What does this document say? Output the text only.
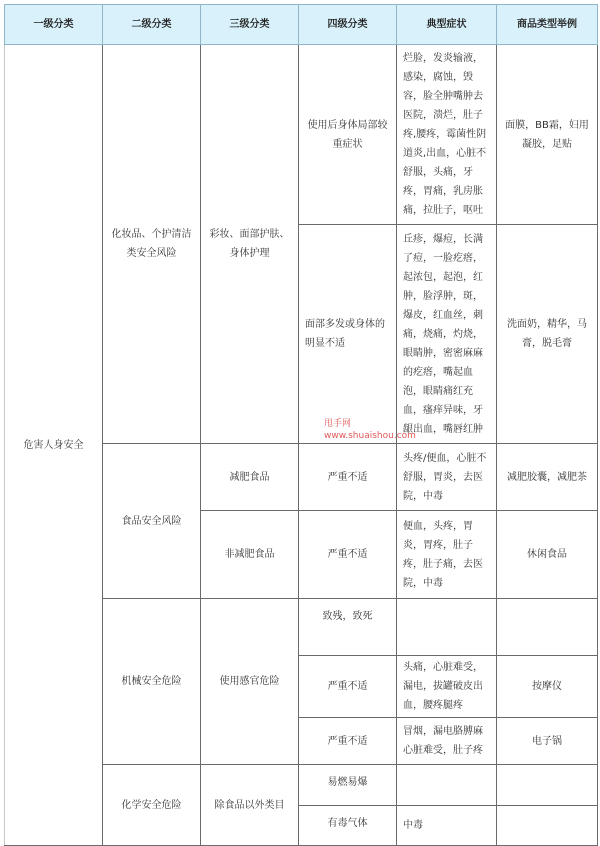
一级分类	二级分类	三级分类	四级分类	典型症状	商品类型举例
危害人身安全	化妆品、个护清洁类安全风险	彩妆、面部护肤、身体护理	使用后身体局部较重症状	烂脸，发炎输液，感染，腐蚀，毁容，脸全肿嘴肿去医院，溃烂，肚子疼,腰疼，霉菌性阴道炎,出血，心脏不舒服，头痛，牙疼，胃痛，乳房胀痛，拉肚子，呕吐	面膜，BB霜，妇用凝胶，足贴
			面部多发或身体的明显不适	丘疹，爆痘，长满了痘，一脸疙瘩，起浓包，起泡，红肿，脸浮肿，斑，爆皮，红血丝，刺痛，烧痛，灼烧，眼睛肿，密密麻麻的疙瘩，嘴起血泡，眼睛痛红充血，瘙痒异味，牙龈出血，嘴唇红肿	洗面奶，精华，马膏，脱毛膏
	食品安全风险	减肥食品	严重不适	头疼/便血，心脏不舒服，胃炎，去医院，中毒	减肥胶囊，减肥茶
		非减肥食品	严重不适	便血，头疼，胃炎，胃疼，肚子疼，肚子痛，去医院，中毒	休闲食品
	机械安全危险	使用感官危险	致残，致死		
			严重不适	头痛，心脏难受，漏电，拔罐破皮出血，腰疼腿疼	按摩仪
			严重不适	冒烟，漏电胳膊麻心脏难受，肚子疼	电子锅
	化学安全危险	除食品以外类目	易燃易爆		
			有毒气体	中毒	
甩手网
www.shuaishou.com
